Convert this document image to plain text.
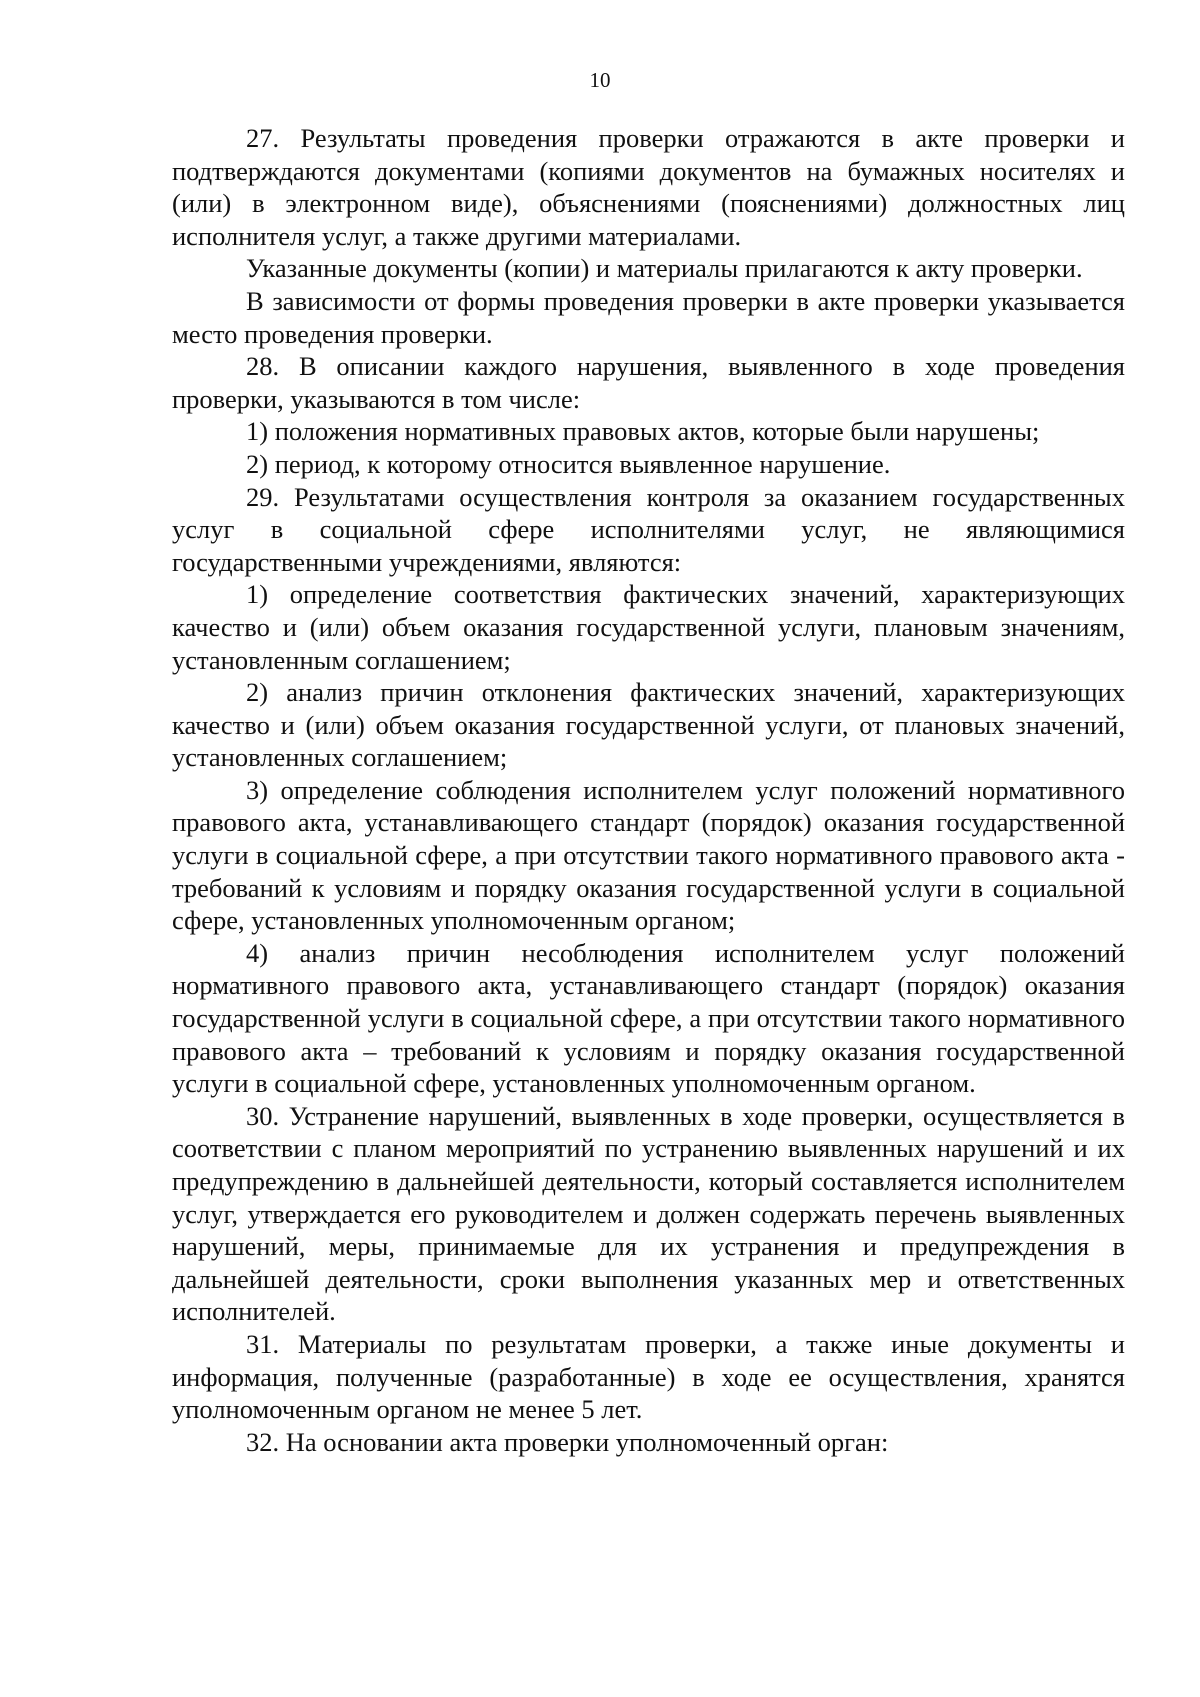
10

27. Результаты проведения проверки отражаются в акте проверки и подтверждаются документами (копиями документов на бумажных носителях и (или) в электронном виде), объяснениями (пояснениями) должностных лиц исполнителя услуг, а также другими материалами.

Указанные документы (копии) и материалы прилагаются к акту проверки.

В зависимости от формы проведения проверки в акте проверки указывается место проведения проверки.

28. В описании каждого нарушения, выявленного в ходе проведения проверки, указываются в том числе:

1) положения нормативных правовых актов, которые были нарушены;

2) период, к которому относится выявленное нарушение.

29. Результатами осуществления контроля за оказанием государственных услуг в социальной сфере исполнителями услуг, не являющимися государственными учреждениями, являются:

1) определение соответствия фактических значений, характеризующих качество и (или) объем оказания государственной услуги, плановым значениям, установленным соглашением;

2) анализ причин отклонения фактических значений, характеризующих качество и (или) объем оказания государственной услуги, от плановых значений, установленных соглашением;

3) определение соблюдения исполнителем услуг положений нормативного правового акта, устанавливающего стандарт (порядок) оказания государственной услуги в социальной сфере, а при отсутствии такого нормативного правового акта - требований к условиям и порядку оказания государственной услуги в социальной сфере, установленных уполномоченным органом;

4) анализ причин несоблюдения исполнителем услуг положений нормативного правового акта, устанавливающего стандарт (порядок) оказания государственной услуги в социальной сфере, а при отсутствии такого нормативного правового акта – требований к условиям и порядку оказания государственной услуги в социальной сфере, установленных уполномоченным органом.

30. Устранение нарушений, выявленных в ходе проверки, осуществляется в соответствии с планом мероприятий по устранению выявленных нарушений и их предупреждению в дальнейшей деятельности, который составляется исполнителем услуг, утверждается его руководителем и должен содержать перечень выявленных нарушений, меры, принимаемые для их устранения и предупреждения в дальнейшей деятельности, сроки выполнения указанных мер и ответственных исполнителей.

31. Материалы по результатам проверки, а также иные документы и информация, полученные (разработанные) в ходе ее осуществления, хранятся уполномоченным органом не менее 5 лет.

32. На основании акта проверки уполномоченный орган:
